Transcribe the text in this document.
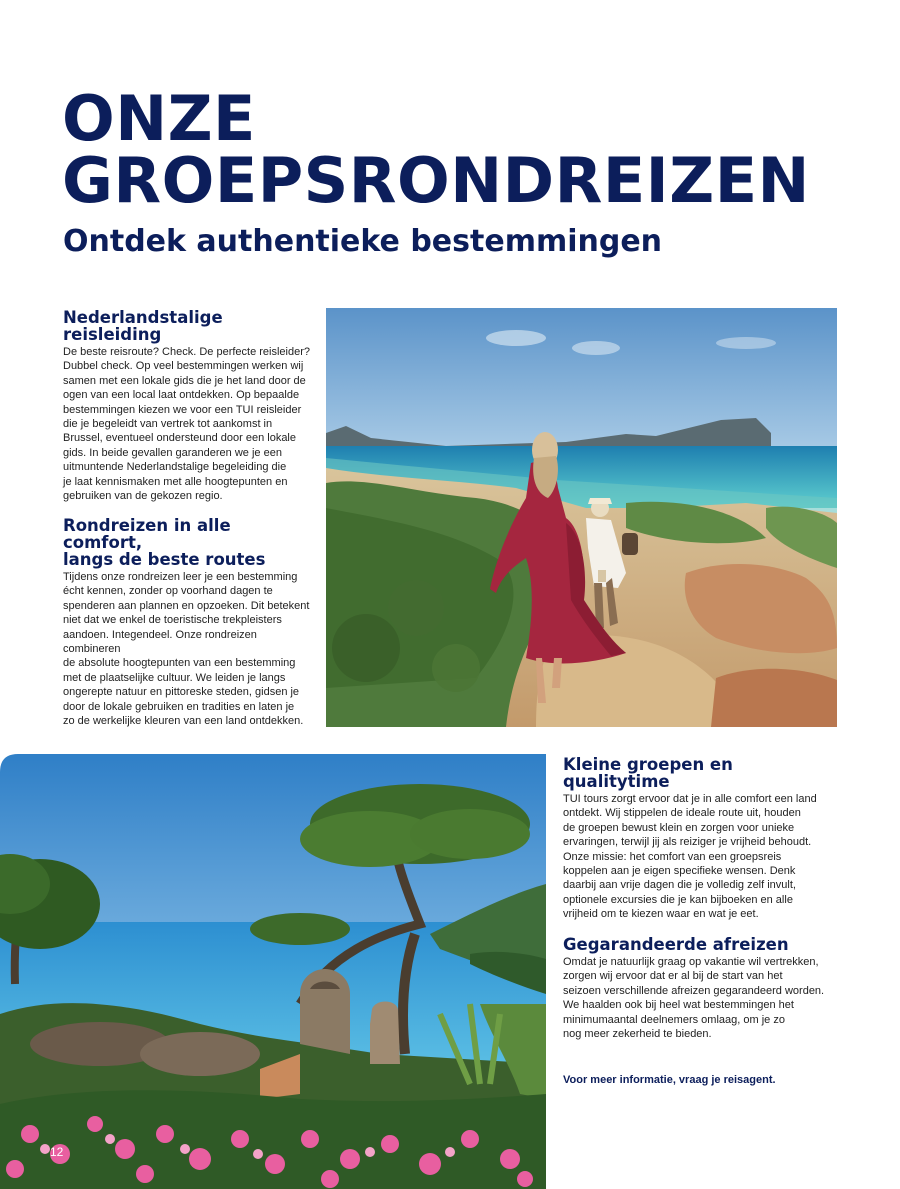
ONZE
GROEPSRONDREIZEN
Ontdek authentieke bestemmingen
Nederlandstalige reisleiding

De beste reisroute? Check. De perfecte reisleider?
Dubbel check. Op veel bestemmingen werken wij
samen met een lokale gids die je het land door de
ogen van een local laat ontdekken. Op bepaalde
bestemmingen kiezen we voor een TUI reisleider
die je begeleidt van vertrek tot aankomst in
Brussel, eventueel ondersteund door een lokale
gids. In beide gevallen garanderen we je een
uitmuntende Nederlandstalige begeleiding die
je laat kennismaken met alle hoogtepunten en
gebruiken van de gekozen regio.

Rondreizen in alle comfort,
langs de beste routes

Tijdens onze rondreizen leer je een bestemming
écht kennen, zonder op voorhand dagen te
spenderen aan plannen en opzoeken. Dit betekent
niet dat we enkel de toeristische trekpleisters
aandoen. Integendeel. Onze rondreizen combineren
de absolute hoogtepunten van een bestemming
met de plaatselijke cultuur. We leiden je langs
ongerepte natuur en pittoreske steden, gidsen je
door de lokale gebruiken en tradities en laten je
zo de werkelijke kleuren van een land ontdekken.

12
Kleine groepen en qualitytime

TUI tours zorgt ervoor dat je in alle comfort een land
ontdekt. Wij stippelen de ideale route uit, houden
de groepen bewust klein en zorgen voor unieke
ervaringen, terwijl jij als reiziger je vrijheid behoudt.
Onze missie: het comfort van een groepsreis
koppelen aan je eigen specifieke wensen. Denk
daarbij aan vrije dagen die je volledig zelf invult,
optionele excursies die je kan bijboeken en alle
vrijheid om te kiezen waar en wat je eet.

Gegarandeerde afreizen

Omdat je natuurlijk graag op vakantie wil vertrekken,
zorgen wij ervoor dat er al bij de start van het
seizoen verschillende afreizen gegarandeerd worden.
We haalden ook bij heel wat bestemmingen het
minimumaantal deelnemers omlaag, om je zo
nog meer zekerheid te bieden.

Voor meer informatie, vraag je reisagent.
